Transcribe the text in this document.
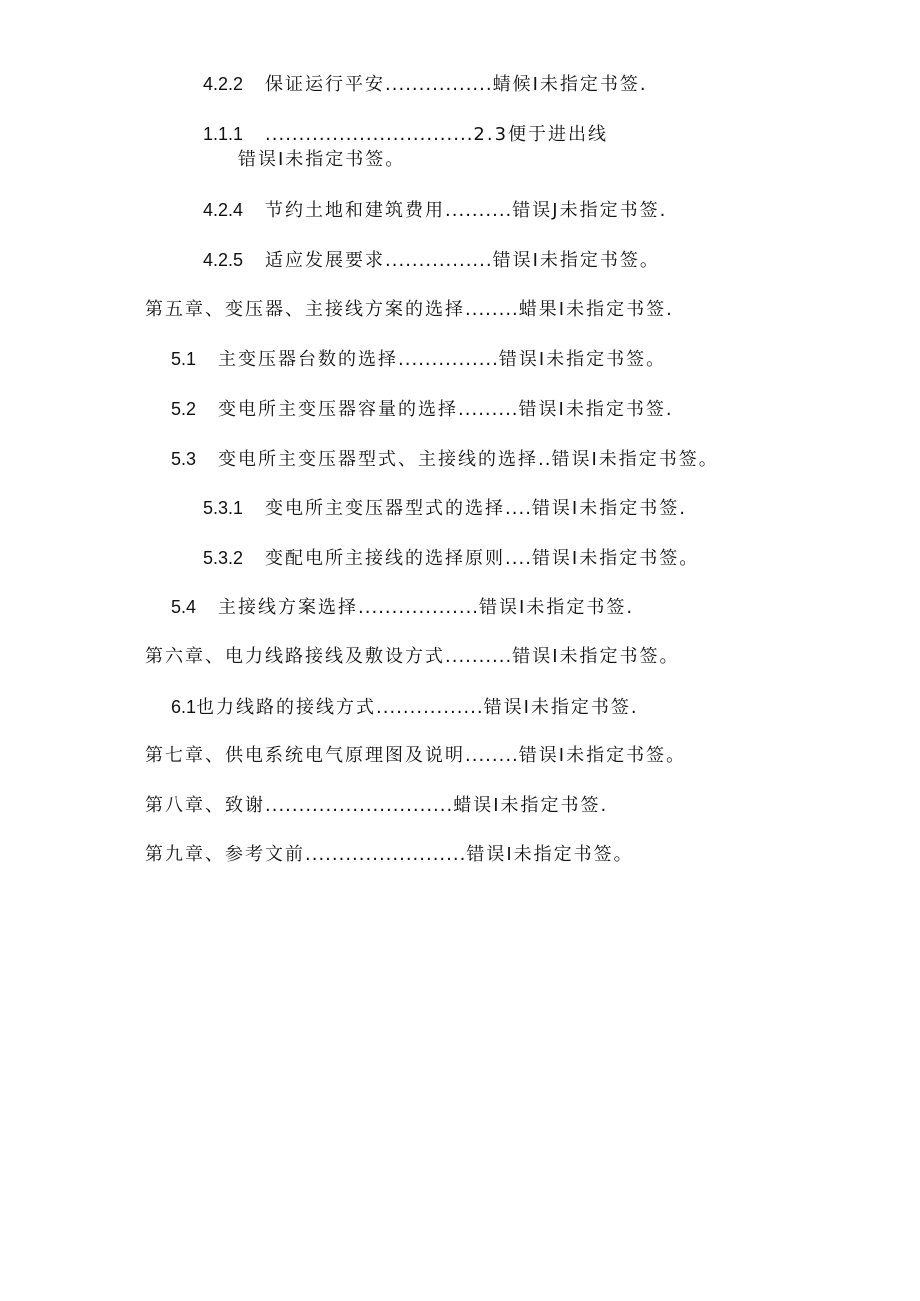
4.2.2 保证运行平安................蜻候I未指定书签.
1.1.1 ...............................2.3便于进出线
错误I未指定书签。
4.2.4 节约土地和建筑费用..........错误J未指定书签.
4.2.5 适应发展要求................错误I未指定书签。
第五章、变压器、主接线方案的选择........蜡果I未指定书签.
5.1 主变压器台数的选择...............错误I未指定书签。
5.2 变电所主变压器容量的选择.........错误I未指定书签.
5.3 变电所主变压器型式、主接线的选择..错误I未指定书签。
5.3.1 变电所主变压器型式的选择....错误I未指定书签.
5.3.2 变配电所主接线的选择原则....错误I未指定书签。
5.4 主接线方案选择..................错误I未指定书签.
第六章、电力线路接线及敷设方式..........错误I未指定书签。
6.1也力线路的接线方式................错误I未指定书签.
第七章、供电系统电气原理图及说明........错误I未指定书签。
第八章、致谢............................蜡误I未指定书签.
第九章、参考文前........................错误I未指定书签。
